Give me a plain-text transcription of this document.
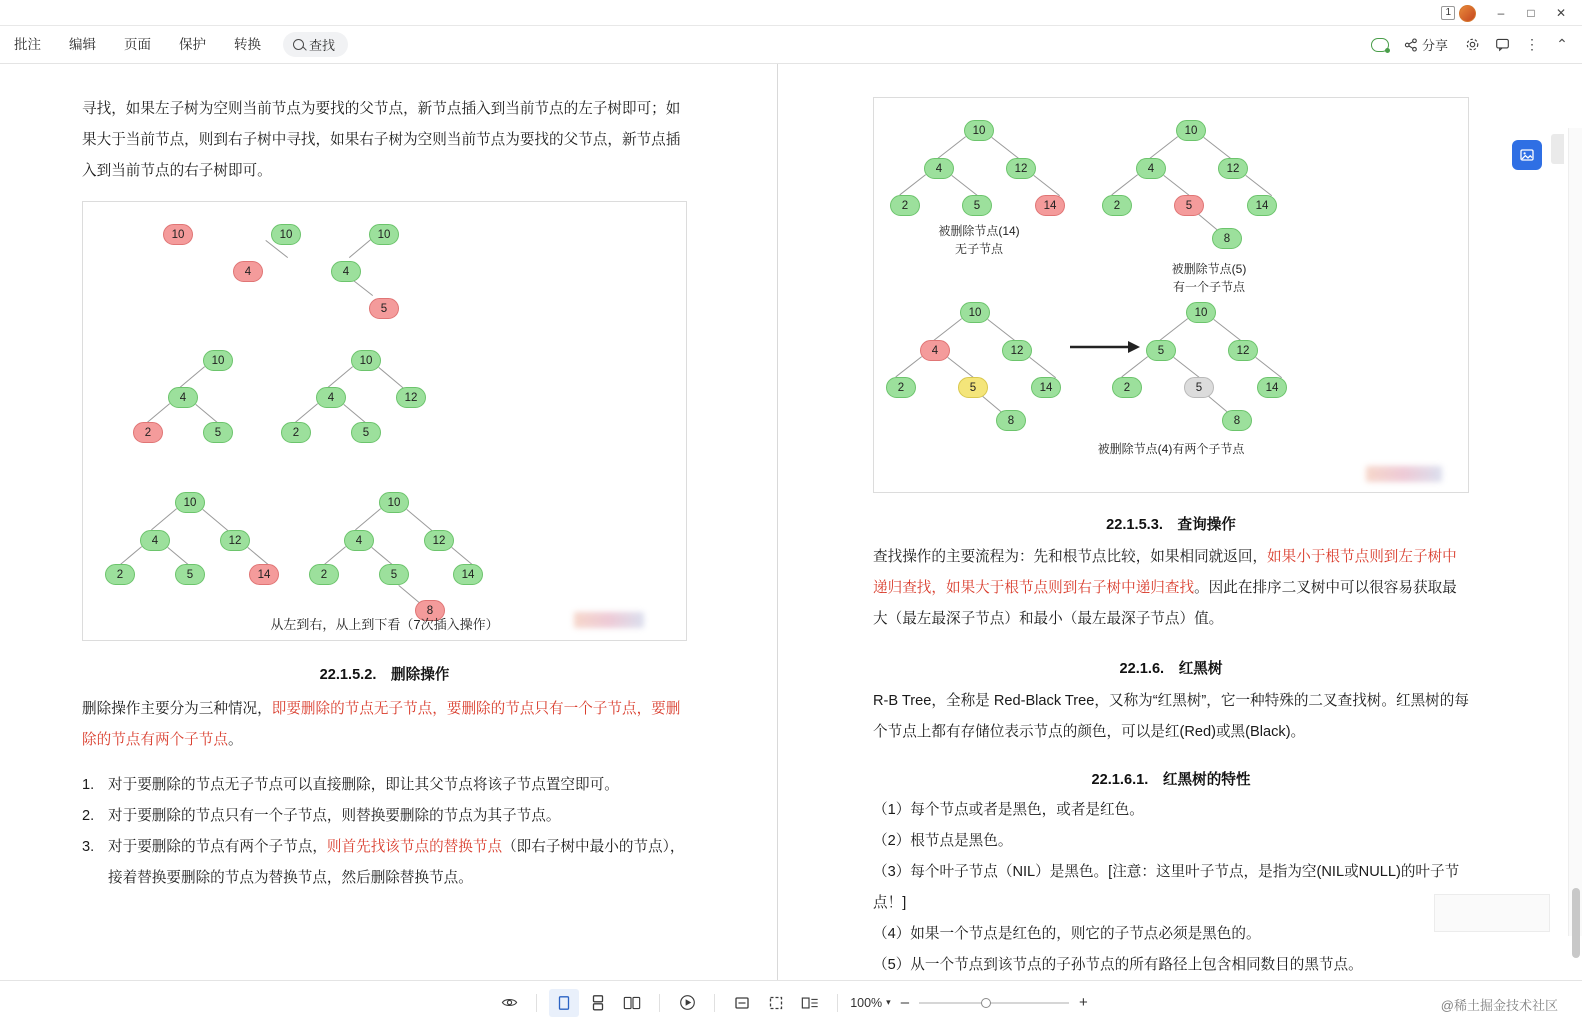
1	–	□	✕
批注	编辑	页面	保护	转换	查找	分享	⋮	⌃
寻找，如果左子树为空则当前节点为要找的父节点，新节点插入到当前节点的左子树即可；如果大于当前节点，则到右子树中寻找，如果右子树为空则当前节点为要找的父节点，新节点插入到当前节点的右子树即可。
10	10
4
10
4
5
10
4
2	5
10
4	12
2	5
10
4	12
2	5	14
10
4	12
2	5	14
8
从左到右，从上到下看（7次插入操作）
22.1.5.2.　删除操作
删除操作主要分为三种情况，即要删除的节点无子节点，要删除的节点只有一个子节点，要删除的节点有两个子节点。
1. 对于要删除的节点无子节点可以直接删除，即让其父节点将该子节点置空即可。
2. 对于要删除的节点只有一个子节点，则替换要删除的节点为其子节点。
3. 对于要删除的节点有两个子节点，则首先找该节点的替换节点（即右子树中最小的节点），接着替换要删除的节点为替换节点，然后删除替换节点。
10
4	12
2	5	14
被删除节点(14)
无子节点
10
4	12
2	5	14
8
被删除节点(5)
有一个子节点
10
4	12
2	5	14
8
10
5	12
2	5	14
8
被删除节点(4)有两个子节点
22.1.5.3.　查询操作
查找操作的主要流程为：先和根节点比较，如果相同就返回，如果小于根节点则到左子树中递归查找，如果大于根节点则到右子树中递归查找。因此在排序二叉树中可以很容易获取最大（最左最深子节点）和最小（最左最深子节点）值。
22.1.6.　红黑树
R-B Tree，全称是 Red-Black Tree，又称为“红黑树”，它一种特殊的二叉查找树。红黑树的每个节点上都有存储位表示节点的颜色，可以是红(Red)或黑(Black)。
22.1.6.1.　红黑树的特性
（1）每个节点或者是黑色，或者是红色。
（2）根节点是黑色。
（3）每个叶子节点（NIL）是黑色。[注意：这里叶子节点，是指为空(NIL或NULL)的叶子节点！]
（4）如果一个节点是红色的，则它的子节点必须是黑色的。
（5）从一个节点到该节点的子孙节点的所有路径上包含相同数目的黑节点。
100% ▾ –	+	@稀土掘金技术社区
